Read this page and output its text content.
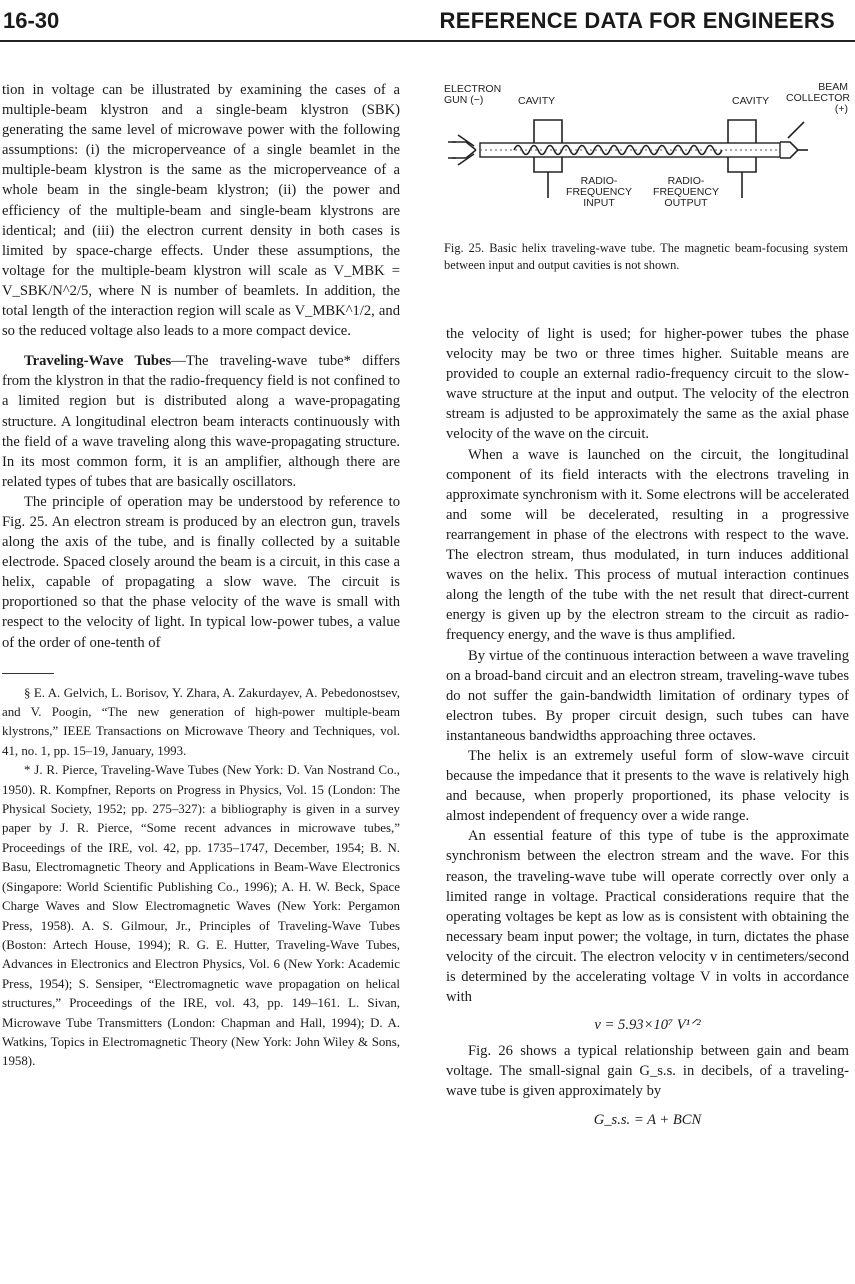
16-30	REFERENCE DATA FOR ENGINEERS

tion in voltage can be illustrated by examining the cases of a multiple-beam klystron and a single-beam klystron (SBK) generating the same level of microwave power with the following assumptions: (i) the microperveance of a single beamlet in the multiple-beam klystron is the same as the microperveance of a whole beam in the single-beam klystron; (ii) the power and efficiency of the multiple-beam and single-beam klystrons are identical; and (iii) the electron current density in both cases is limited by space-charge effects. Under these assumptions, the voltage for the multiple-beam klystron will scale as V_MBK = V_SBK/N^2/5, where N is number of beamlets. In addition, the total length of the interaction region will scale as V_MBK^1/2, and so the reduced voltage also leads to a more compact device.

Traveling-Wave Tubes—The traveling-wave tube* differs from the klystron in that the radio-frequency field is not confined to a limited region but is distributed along a wave-propagating structure. A longitudinal electron beam interacts continuously with the field of a wave traveling along this wave-propagating structure. In its most common form, it is an amplifier, although there are related types of tubes that are basically oscillators.

The principle of operation may be understood by reference to Fig. 25. An electron stream is produced by an electron gun, travels along the axis of the tube, and is finally collected by a suitable electrode. Spaced closely around the beam is a circuit, in this case a helix, capable of propagating a slow wave. The circuit is proportioned so that the phase velocity of the wave is small with respect to the velocity of light. In typical low-power tubes, a value of the order of one-tenth of

§ E. A. Gelvich, L. Borisov, Y. Zhara, A. Zakurdayev, A. Pebedonostsev, and V. Poogin, “The new generation of high-power multiple-beam klystrons,” IEEE Transactions on Microwave Theory and Techniques, vol. 41, no. 1, pp. 15–19, January, 1993.

* J. R. Pierce, Traveling-Wave Tubes (New York: D. Van Nostrand Co., 1950). R. Kompfner, Reports on Progress in Physics, Vol. 15 (London: The Physical Society, 1952; pp. 275–327): a bibliography is given in a survey paper by J. R. Pierce, “Some recent advances in microwave tubes,” Proceedings of the IRE, vol. 42, pp. 1735–1747, December, 1954; B. N. Basu, Electromagnetic Theory and Applications in Beam-Wave Electronics (Singapore: World Scientific Publishing Co., 1996); A. H. W. Beck, Space Charge Waves and Slow Electromagnetic Waves (New York: Pergamon Press, 1958). A. S. Gilmour, Jr., Principles of Traveling-Wave Tubes (Boston: Artech House, 1994); R. G. E. Hutter, Traveling-Wave Tubes, Advances in Electronics and Electron Physics, Vol. 6 (New York: Academic Press, 1954); S. Sensiper, “Electromagnetic wave propagation on helical structures,” Proceedings of the IRE, vol. 43, pp. 149–161. L. Sivan, Microwave Tube Transmitters (London: Chapman and Hall, 1994); D. A. Watkins, Topics in Electromagnetic Theory (New York: John Wiley & Sons, 1958).

ELECTRON GUN (−)	CAVITY	CAVITY
BEAM COLLECTOR (+)
RADIO-FREQUENCY INPUT
RADIO-FREQUENCY OUTPUT
Fig. 25. Basic helix traveling-wave tube. The magnetic beam-focusing system between input and output cavities is not shown.

the velocity of light is used; for higher-power tubes the phase velocity may be two or three times higher. Suitable means are provided to couple an external radio-frequency circuit to the slow-wave structure at the input and output. The velocity of the electron stream is adjusted to be approximately the same as the axial phase velocity of the wave on the circuit.

When a wave is launched on the circuit, the longitudinal component of its field interacts with the electrons traveling in approximate synchronism with it. Some electrons will be accelerated and some will be decelerated, resulting in a progressive rearrangement in phase of the electrons with respect to the wave. The electron stream, thus modulated, in turn induces additional waves on the helix. This process of mutual interaction continues along the length of the tube with the net result that direct-current energy is given up by the electron stream to the circuit as radio-frequency energy, and the wave is thus amplified.

By virtue of the continuous interaction between a wave traveling on a broad-band circuit and an electron stream, traveling-wave tubes do not suffer the gain-bandwidth limitation of ordinary types of electron tubes. By proper circuit design, such tubes can have instantaneous bandwidths approaching three octaves.

The helix is an extremely useful form of slow-wave circuit because the impedance that it presents to the wave is relatively high and because, when properly proportioned, its phase velocity is almost independent of frequency over a wide range.

An essential feature of this type of tube is the approximate synchronism between the electron stream and the wave. For this reason, the traveling-wave tube will operate correctly over only a limited range in voltage. Practical considerations require that the operating voltages be kept as low as is consistent with obtaining the necessary beam input power; the voltage, in turn, dictates the phase velocity of the circuit. The electron velocity v in centimeters/second is determined by the accelerating voltage V in volts in accordance with

v = 5.93×10⁷ V¹ᐟ²

Fig. 26 shows a typical relationship between gain and beam voltage. The small-signal gain G_s.s. in decibels, of a traveling-wave tube is given approximately by

G_s.s. = A + BCN
